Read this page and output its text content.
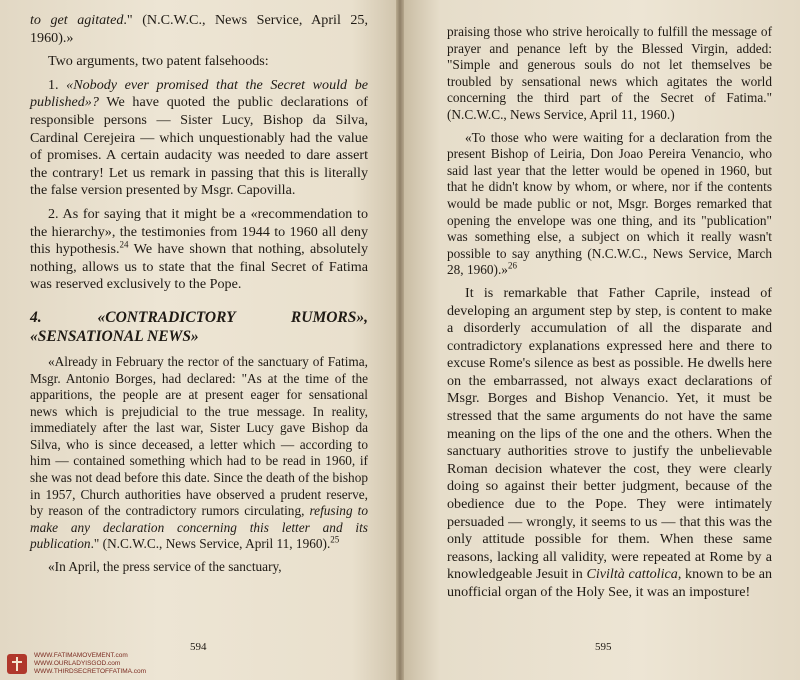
to get agitated." (N.C.W.C., News Service, April 25, 1960).»

Two arguments, two patent falsehoods:

1. «Nobody ever promised that the Secret would be published»? We have quoted the public declarations of responsible persons — Sister Lucy, Bishop da Silva, Cardinal Cerejeira — which unquestionably had the value of promises. A certain audacity was needed to dare assert the contrary! Let us remark in passing that this is literally the false version presented by Msgr. Capovilla.

2. As for saying that it might be a «recommendation to the hierarchy», the testimonies from 1944 to 1960 all deny this hypothesis.$^{24}$ We have shown that nothing, absolutely nothing, allows us to state that the final Secret of Fatima was reserved exclusively to the Pope.

4. «CONTRADICTORY RUMORS», «SENSATIONAL NEWS»

«Already in February the rector of the sanctuary of Fatima, Msgr. Antonio Borges, had declared: "As at the time of the apparitions, the people are at present eager for sensational news which is prejudicial to the true message. In reality, immediately after the last war, Sister Lucy gave Bishop da Silva, who is since deceased, a letter which — according to him — contained something which had to be read in 1960, if she was not dead before this date. Since the death of the bishop in 1957, Church authorities have observed a prudent reserve, by reason of the contradictory rumors circulating, refusing to make any declaration concerning this letter and its publication." (N.C.W.C., News Service, April 11, 1960).$^{25}$

«In April, the press service of the sanctuary,

594
WWW.FATIMAMOVEMENT.com
WWW.OURLADYISGOD.com
WWW.THIRDSECRETOFFATIMA.com

praising those who strive heroically to fulfill the message of prayer and penance left by the Blessed Virgin, added: "Simple and generous souls do not let themselves be troubled by sensational news which agitates the world concerning the third part of the Secret of Fatima." (N.C.W.C., News Service, April 11, 1960.)

«To those who were waiting for a declaration from the present Bishop of Leiria, Don Joao Pereira Venancio, who said last year that the letter would be opened in 1960, but that he didn't know by whom, or where, nor if the contents would be made public or not, Msgr. Borges remarked that opening the envelope was one thing, and its "publication" was something else, a subject on which it really wasn't possible to say anything (N.C.W.C., News Service, March 28, 1960).»$^{26}$

It is remarkable that Father Caprile, instead of developing an argument step by step, is content to make a disorderly accumulation of all the disparate and contradictory explanations expressed here and there to excuse Rome's silence as best as possible. He dwells here on the embarrassed, not always exact declarations of Msgr. Borges and Bishop Venancio. Yet, it must be stressed that the same arguments do not have the same meaning on the lips of the one and the others. When the sanctuary authorities strove to justify the unbelievable Roman decision whatever the cost, they were clearly doing so against their better judgment, because of the obedience due to the Pope. They were intimately persuaded — wrongly, it seems to us — that this was the only attitude possible for them. When these same reasons, lacking all validity, were repeated at Rome by a knowledgeable Jesuit in Civiltà cattolica, known to be an unofficial organ of the Holy See, it was an imposture!

595
